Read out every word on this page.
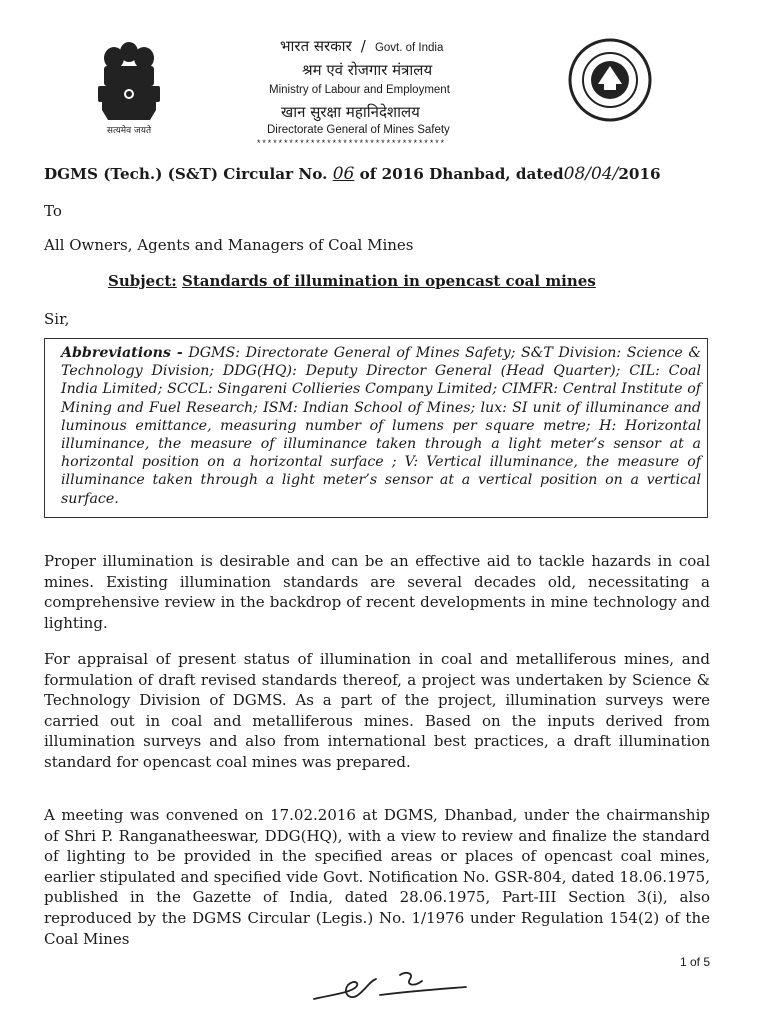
सत्यमेव जयते
भारत सरकार / Govt. of India
श्रम एवं रोजगार मंत्रालय
Ministry of Labour and Employment
खान सुरक्षा महानिदेशालय
Directorate General of Mines Safety
***********************************
DGMS (Tech.) (S&T) Circular No. 06 of 2016 Dhanbad, dated08/04/2016
To
All Owners, Agents and Managers of Coal Mines
Subject: Standards of illumination in opencast coal mines
Sir,
Abbreviations - DGMS: Directorate General of Mines Safety; S&T Division: Science & Technology Division; DDG(HQ): Deputy Director General (Head Quarter); CIL: Coal India Limited; SCCL: Singareni Collieries Company Limited; CIMFR: Central Institute of Mining and Fuel Research; ISM: Indian School of Mines; lux: SI unit of illuminance and luminous emittance, measuring number of lumens per square metre; H: Horizontal illuminance, the measure of illuminance taken through a light meter’s sensor at a horizontal position on a horizontal surface ; V: Vertical illuminance, the measure of illuminance taken through a light meter’s sensor at a vertical position on a vertical surface.
Proper illumination is desirable and can be an effective aid to tackle hazards in coal mines. Existing illumination standards are several decades old, necessitating a comprehensive review in the backdrop of recent developments in mine technology and lighting.
For appraisal of present status of illumination in coal and metalliferous mines, and formulation of draft revised standards thereof, a project was undertaken by Science & Technology Division of DGMS. As a part of the project, illumination surveys were carried out in coal and metalliferous mines. Based on the inputs derived from illumination surveys and also from international best practices, a draft illumination standard for opencast coal mines was prepared.
A meeting was convened on 17.02.2016 at DGMS, Dhanbad, under the chairmanship of Shri P. Ranganatheeswar, DDG(HQ), with a view to review and finalize the standard of lighting to be provided in the specified areas or places of opencast coal mines, earlier stipulated and specified vide Govt. Notification No. GSR-804, dated 18.06.1975, published in the Gazette of India, dated 28.06.1975, Part-III Section 3(i), also reproduced by the DGMS Circular (Legis.) No. 1/1976 under Regulation 154(2) of the Coal Mines
1 of 5
